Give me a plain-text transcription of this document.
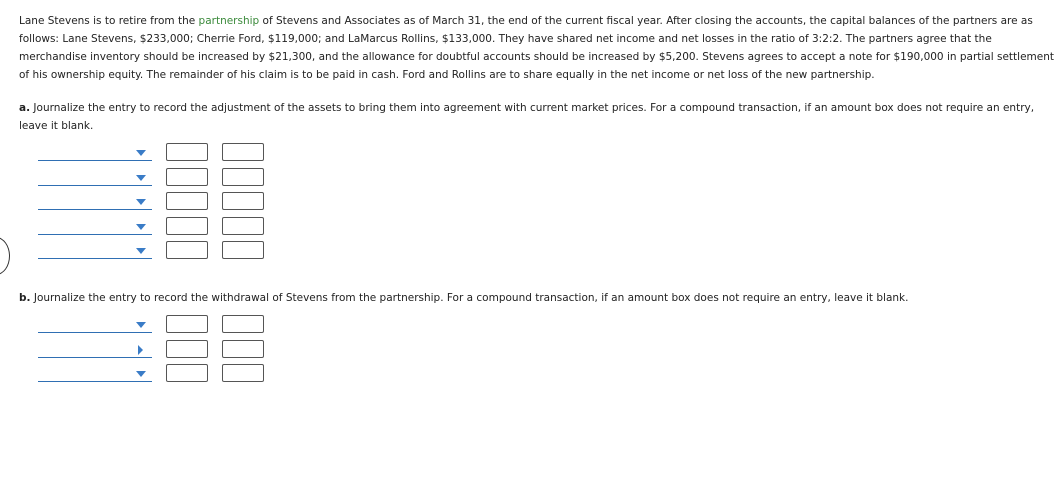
Lane Stevens is to retire from the partnership of Stevens and Associates as of March 31, the end of the current fiscal year. After closing the accounts, the capital balances of the partners are as follows: Lane Stevens, $233,000; Cherrie Ford, $119,000; and LaMarcus Rollins, $133,000. They have shared net income and net losses in the ratio of 3:2:2. The partners agree that the merchandise inventory should be increased by $21,300, and the allowance for doubtful accounts should be increased by $5,200. Stevens agrees to accept a note for $190,000 in partial settlement of his ownership equity. The remainder of his claim is to be paid in cash. Ford and Rollins are to share equally in the net income or net loss of the new partnership.

a. Journalize the entry to record the adjustment of the assets to bring them into agreement with current market prices. For a compound transaction, if an amount box does not require an entry, leave it blank.

b. Journalize the entry to record the withdrawal of Stevens from the partnership. For a compound transaction, if an amount box does not require an entry, leave it blank.
